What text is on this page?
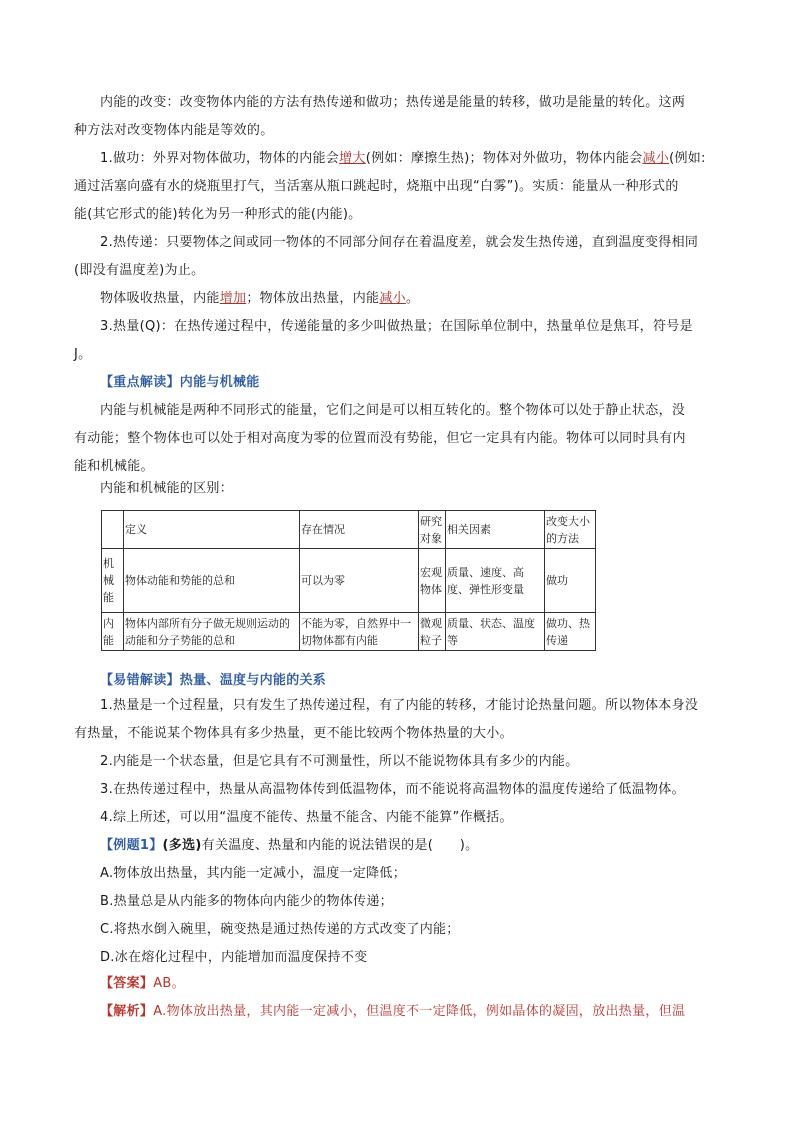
内能的改变：改变物体内能的方法有热传递和做功；热传递是能量的转移，做功是能量的转化。这两
种方法对改变物体内能是等效的。
1.做功：外界对物体做功，物体的内能会增大(例如：摩擦生热)；物体对外做功，物体内能会减小(例如:
通过活塞向盛有水的烧瓶里打气，当活塞从瓶口跳起时，烧瓶中出现“白雾”)。实质：能量从一种形式的
能(其它形式的能)转化为另一种形式的能(内能)。
2.热传递：只要物体之间或同一物体的不同部分间存在着温度差，就会发生热传递，直到温度变得相同
(即没有温度差)为止。
物体吸收热量，内能增加；物体放出热量，内能减小。
3.热量(Q)：在热传递过程中，传递能量的多少叫做热量；在国际单位制中，热量单位是焦耳，符号是
J。
【重点解读】内能与机械能
内能与机械能是两种不同形式的能量，它们之间是可以相互转化的。整个物体可以处于静止状态，没
有动能；整个物体也可以处于相对高度为零的位置而没有势能，但它一定具有内能。物体可以同时具有内
能和机械能。
内能和机械能的区别：
	定义	存在情况	研究对象	相关因素	改变大小的方法
机械能	物体动能和势能的总和	可以为零	宏观物体	质量、速度、高度、弹性形变量	做功
内能	物体内部所有分子做无规则运动的动能和分子势能的总和	不能为零，自然界中一切物体都有内能	微观粒子	质量、状态、温度等	做功、热传递
【易错解读】热量、温度与内能的关系
1.热量是一个过程量，只有发生了热传递过程，有了内能的转移，才能讨论热量问题。所以物体本身没
有热量，不能说某个物体具有多少热量，更不能比较两个物体热量的大小。
2.内能是一个状态量，但是它具有不可测量性，所以不能说物体具有多少的内能。
3.在热传递过程中，热量从高温物体传到低温物体，而不能说将高温物体的温度传递给了低温物体。
4.综上所述，可以用“温度不能传、热量不能含、内能不能算”作概括。
【例题1】(多选)有关温度、热量和内能的说法错误的是(　　)。
A.物体放出热量，其内能一定减小，温度一定降低；
B.热量总是从内能多的物体向内能少的物体传递；
C.将热水倒入碗里，碗变热是通过热传递的方式改变了内能；
D.冰在熔化过程中，内能增加而温度保持不变
【答案】AB。
【解析】A.物体放出热量，其内能一定减小，但温度不一定降低，例如晶体的凝固，放出热量，但温
